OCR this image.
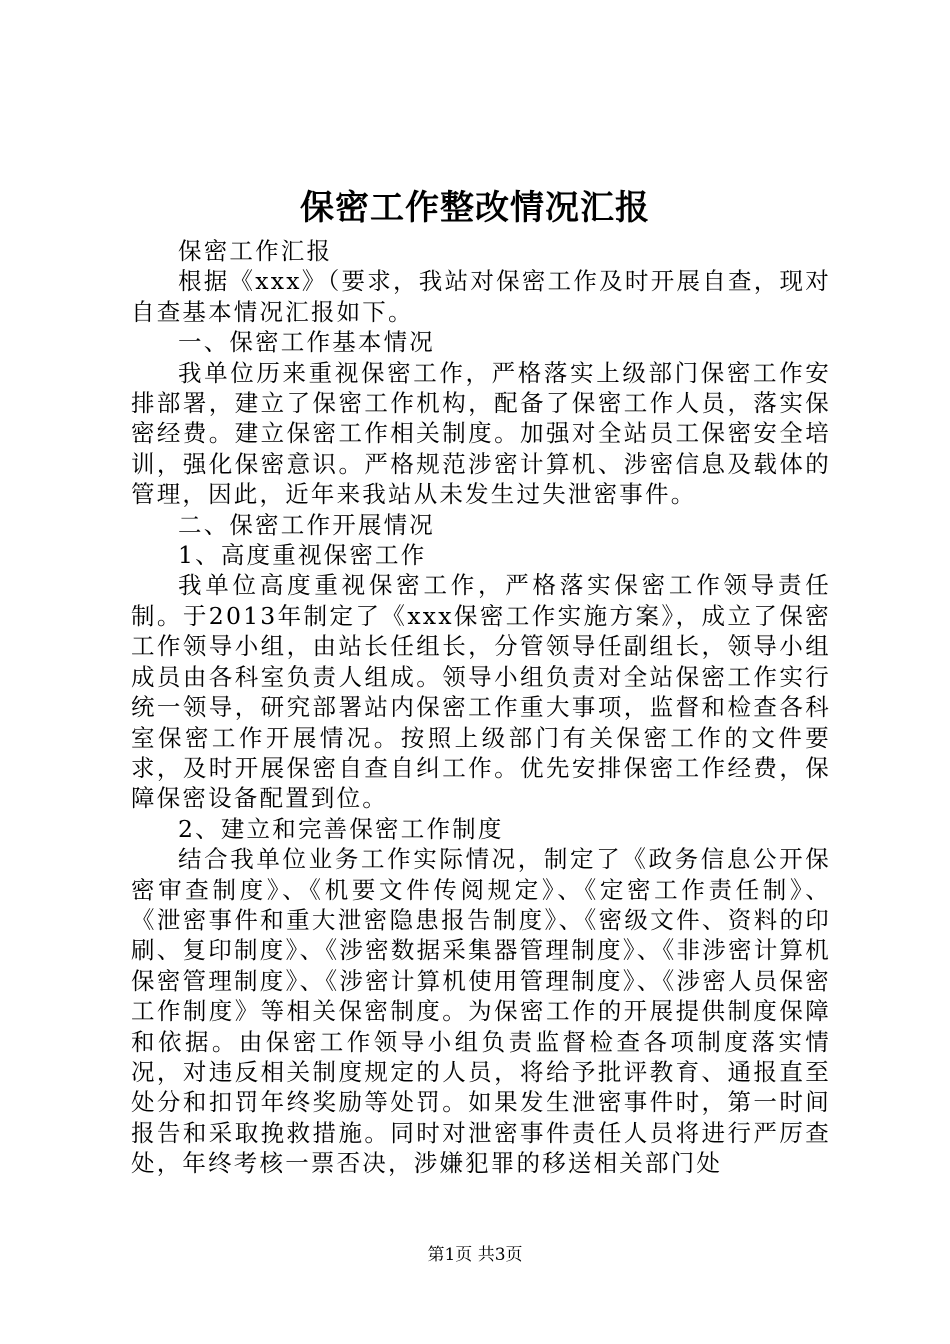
保密工作整改情况汇报

保密工作汇报

根据《xxx》（要求，我站对保密工作及时开展自查，现对自查基本情况汇报如下。

一、保密工作基本情况

我单位历来重视保密工作，严格落实上级部门保密工作安排部署，建立了保密工作机构，配备了保密工作人员，落实保密经费。建立保密工作相关制度。加强对全站员工保密安全培训，强化保密意识。严格规范涉密计算机、涉密信息及载体的管理，因此，近年来我站从未发生过失泄密事件。

二、保密工作开展情况

1、高度重视保密工作

我单位高度重视保密工作，严格落实保密工作领导责任制。于2013年制定了《xxx保密工作实施方案》，成立了保密工作领导小组，由站长任组长，分管领导任副组长，领导小组成员由各科室负责人组成。领导小组负责对全站保密工作实行统一领导，研究部署站内保密工作重大事项，监督和检查各科室保密工作开展情况。按照上级部门有关保密工作的文件要求，及时开展保密自查自纠工作。优先安排保密工作经费，保障保密设备配置到位。

2、建立和完善保密工作制度

结合我单位业务工作实际情况，制定了《政务信息公开保密审查制度》、《机要文件传阅规定》、《定密工作责任制》、《泄密事件和重大泄密隐患报告制度》、《密级文件、资料的印刷、复印制度》、《涉密数据采集器管理制度》、《非涉密计算机保密管理制度》、《涉密计算机使用管理制度》、《涉密人员保密工作制度》等相关保密制度。为保密工作的开展提供制度保障和依据。由保密工作领导小组负责监督检查各项制度落实情况，对违反相关制度规定的人员，将给予批评教育、通报直至处分和扣罚年终奖励等处罚。如果发生泄密事件时，第一时间报告和采取挽救措施。同时对泄密事件责任人员将进行严厉查处，年终考核一票否决，涉嫌犯罪的移送相关部门处

第1页 共3页
